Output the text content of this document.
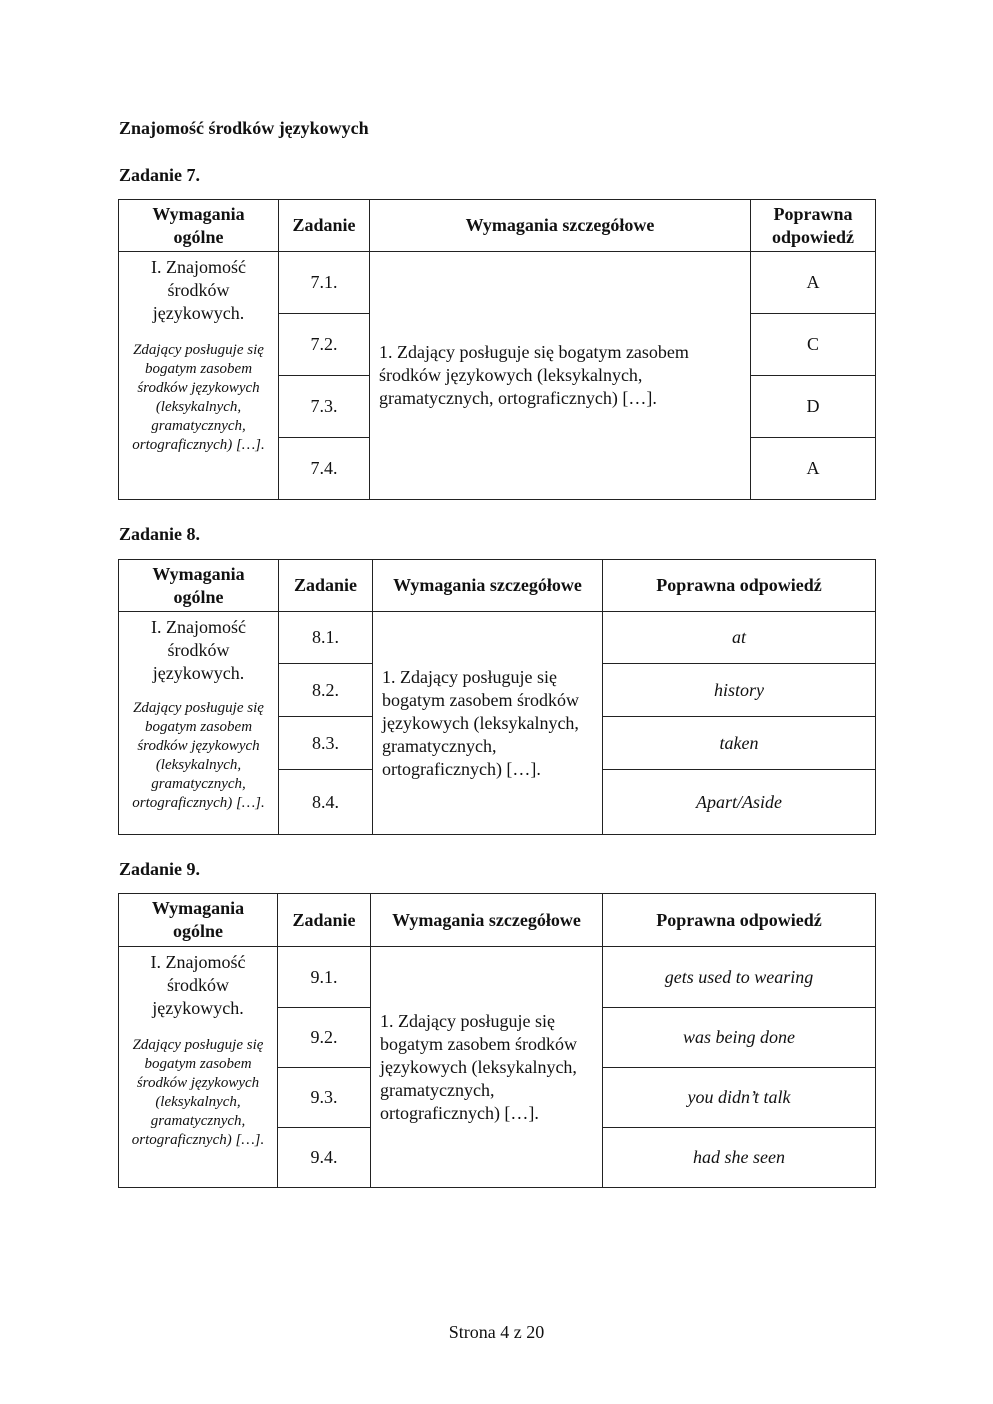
Znajomość środków językowych
Zadanie 7.
Wymagania ogólne	Zadanie	Wymagania szczegółowe	Poprawna odpowiedź

I. Znajomość środków językowych.
Zdający posługuje się bogatym zasobem środków językowych (leksykalnych, gramatycznych, ortograficznych) […].	7.1.	1. Zdający posługuje się bogatym zasobem środków językowych (leksykalnych, gramatycznych, ortograficznych) […].	A
	7.2.		C
	7.3.		D
	7.4.		A
Zadanie 8.
Wymagania ogólne	Zadanie	Wymagania szczegółowe	Poprawna odpowiedź

I. Znajomość środków językowych.
Zdający posługuje się bogatym zasobem środków językowych (leksykalnych, gramatycznych, ortograficznych) […].	8.1.	1. Zdający posługuje się bogatym zasobem środków językowych (leksykalnych, gramatycznych, ortograficznych) […].	at
	8.2.		history
	8.3.		taken
	8.4.		Apart/Aside
Zadanie 9.
Wymagania ogólne	Zadanie	Wymagania szczegółowe	Poprawna odpowiedź

I. Znajomość środków językowych.
Zdający posługuje się bogatym zasobem środków językowych (leksykalnych, gramatycznych, ortograficznych) […].	9.1.	1. Zdający posługuje się bogatym zasobem środków językowych (leksykalnych, gramatycznych, ortograficznych) […].	gets used to wearing
	9.2.		was being done
	9.3.		you didn’t talk
	9.4.		had she seen
Strona 4 z 20
